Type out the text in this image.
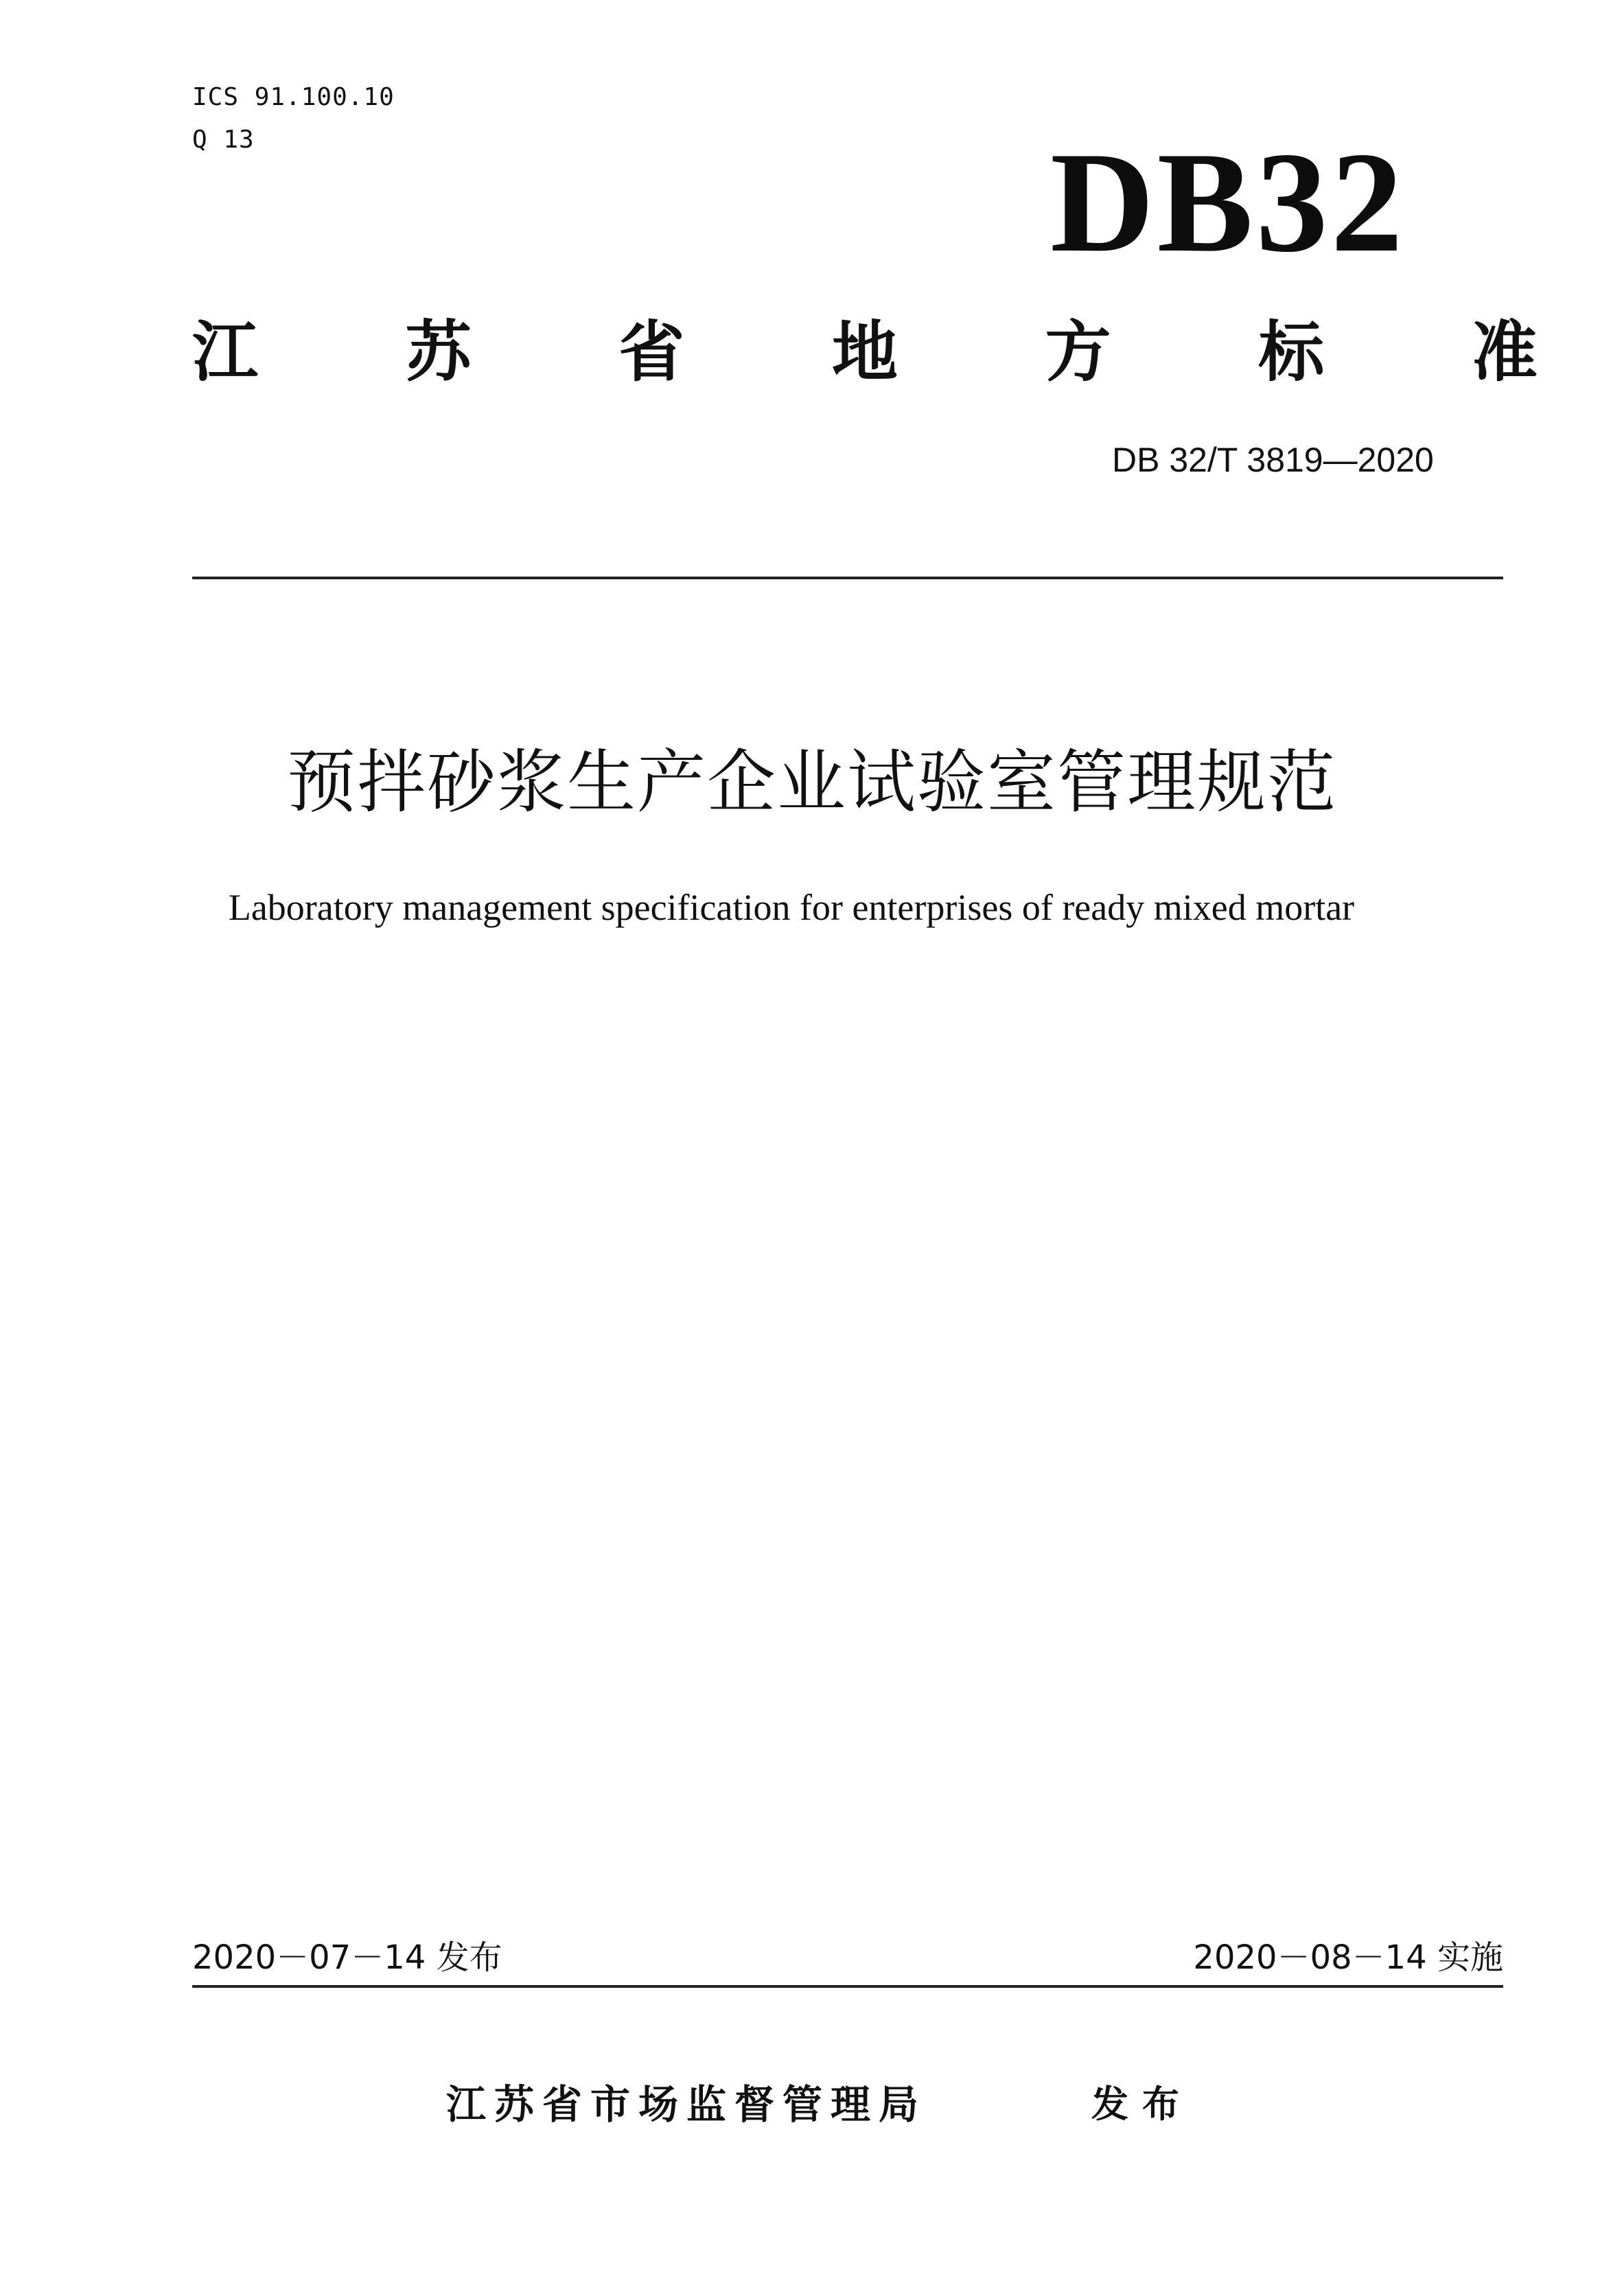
ICS 91.100.10
Q 13	DB32
江 苏 省 地 方 标 准
DB 32/T 3819—2020
预拌砂浆生产企业试验室管理规范
Laboratory management specification for enterprises of ready mixed mortar
2020－07－14 发布	2020－08－14 实施
江苏省市场监督管理局	发布
